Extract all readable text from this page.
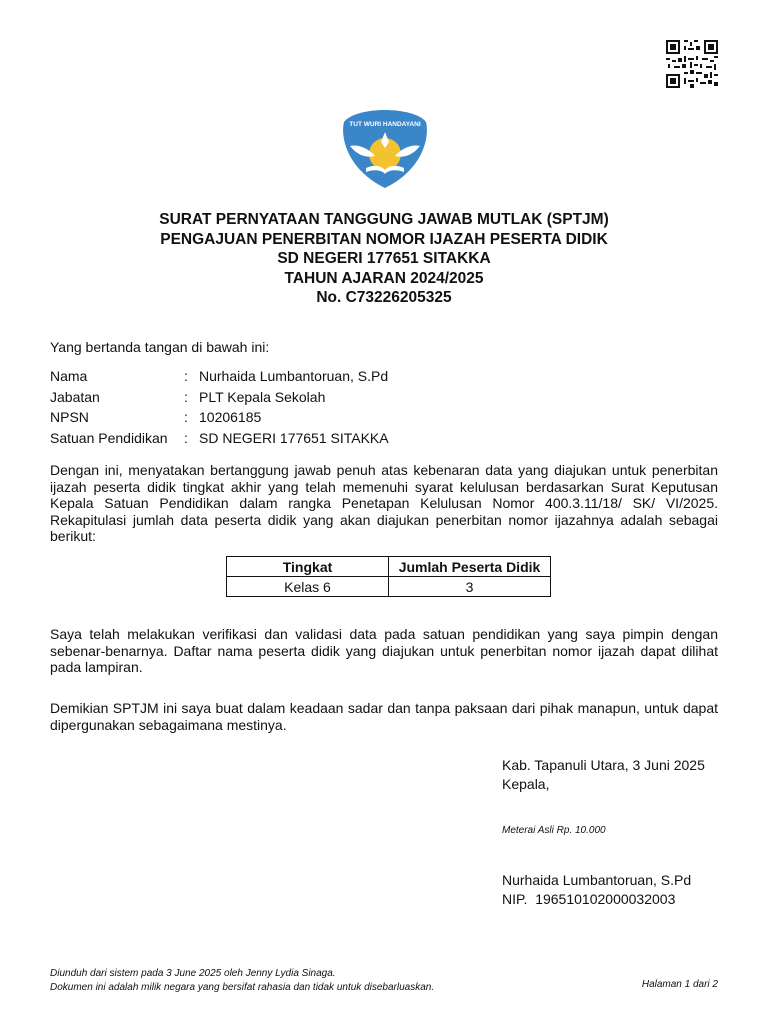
TUT WURI HANDAYANI
SURAT PERNYATAAN TANGGUNG JAWAB MUTLAK (SPTJM)
PENGAJUAN PENERBITAN NOMOR IJAZAH PESERTA DIDIK
SD NEGERI 177651 SITAKKA
TAHUN AJARAN 2024/2025
No. C73226205325
Yang bertanda tangan di bawah ini:
Nama	:	Nurhaida Lumbantoruan, S.Pd
Jabatan	:	PLT Kepala Sekolah
NPSN	:	10206185
Satuan Pendidikan	:	SD NEGERI 177651 SITAKKA
Dengan ini, menyatakan bertanggung jawab penuh atas kebenaran data yang diajukan untuk penerbitan ijazah peserta didik tingkat akhir yang telah memenuhi syarat kelulusan berdasarkan Surat Keputusan Kepala Satuan Pendidikan dalam rangka Penetapan Kelulusan Nomor 400.3.11/18/ SK/ VI/2025. Rekapitulasi jumlah data peserta didik yang akan diajukan penerbitan nomor ijazahnya adalah sebagai berikut:
Tingkat	Jumlah Peserta Didik
Kelas 6	3
Saya telah melakukan verifikasi dan validasi data pada satuan pendidikan yang saya pimpin dengan sebenar-benarnya. Daftar nama peserta didik yang diajukan untuk penerbitan nomor ijazah dapat dilihat pada lampiran.
Demikian SPTJM ini saya buat dalam keadaan sadar dan tanpa paksaan dari pihak manapun, untuk dapat dipergunakan sebagaimana mestinya.
Kab. Tapanuli Utara, 3 Juni 2025
Kepala,
Meterai Asli Rp. 10.000
Nurhaida Lumbantoruan, S.Pd
NIP.  196510102000032003
Diunduh dari sistem pada 3 June 2025 oleh Jenny Lydia Sinaga.
Dokumen ini adalah milik negara yang bersifat rahasia dan tidak untuk disebarluaskan.	Halaman 1 dari 2
